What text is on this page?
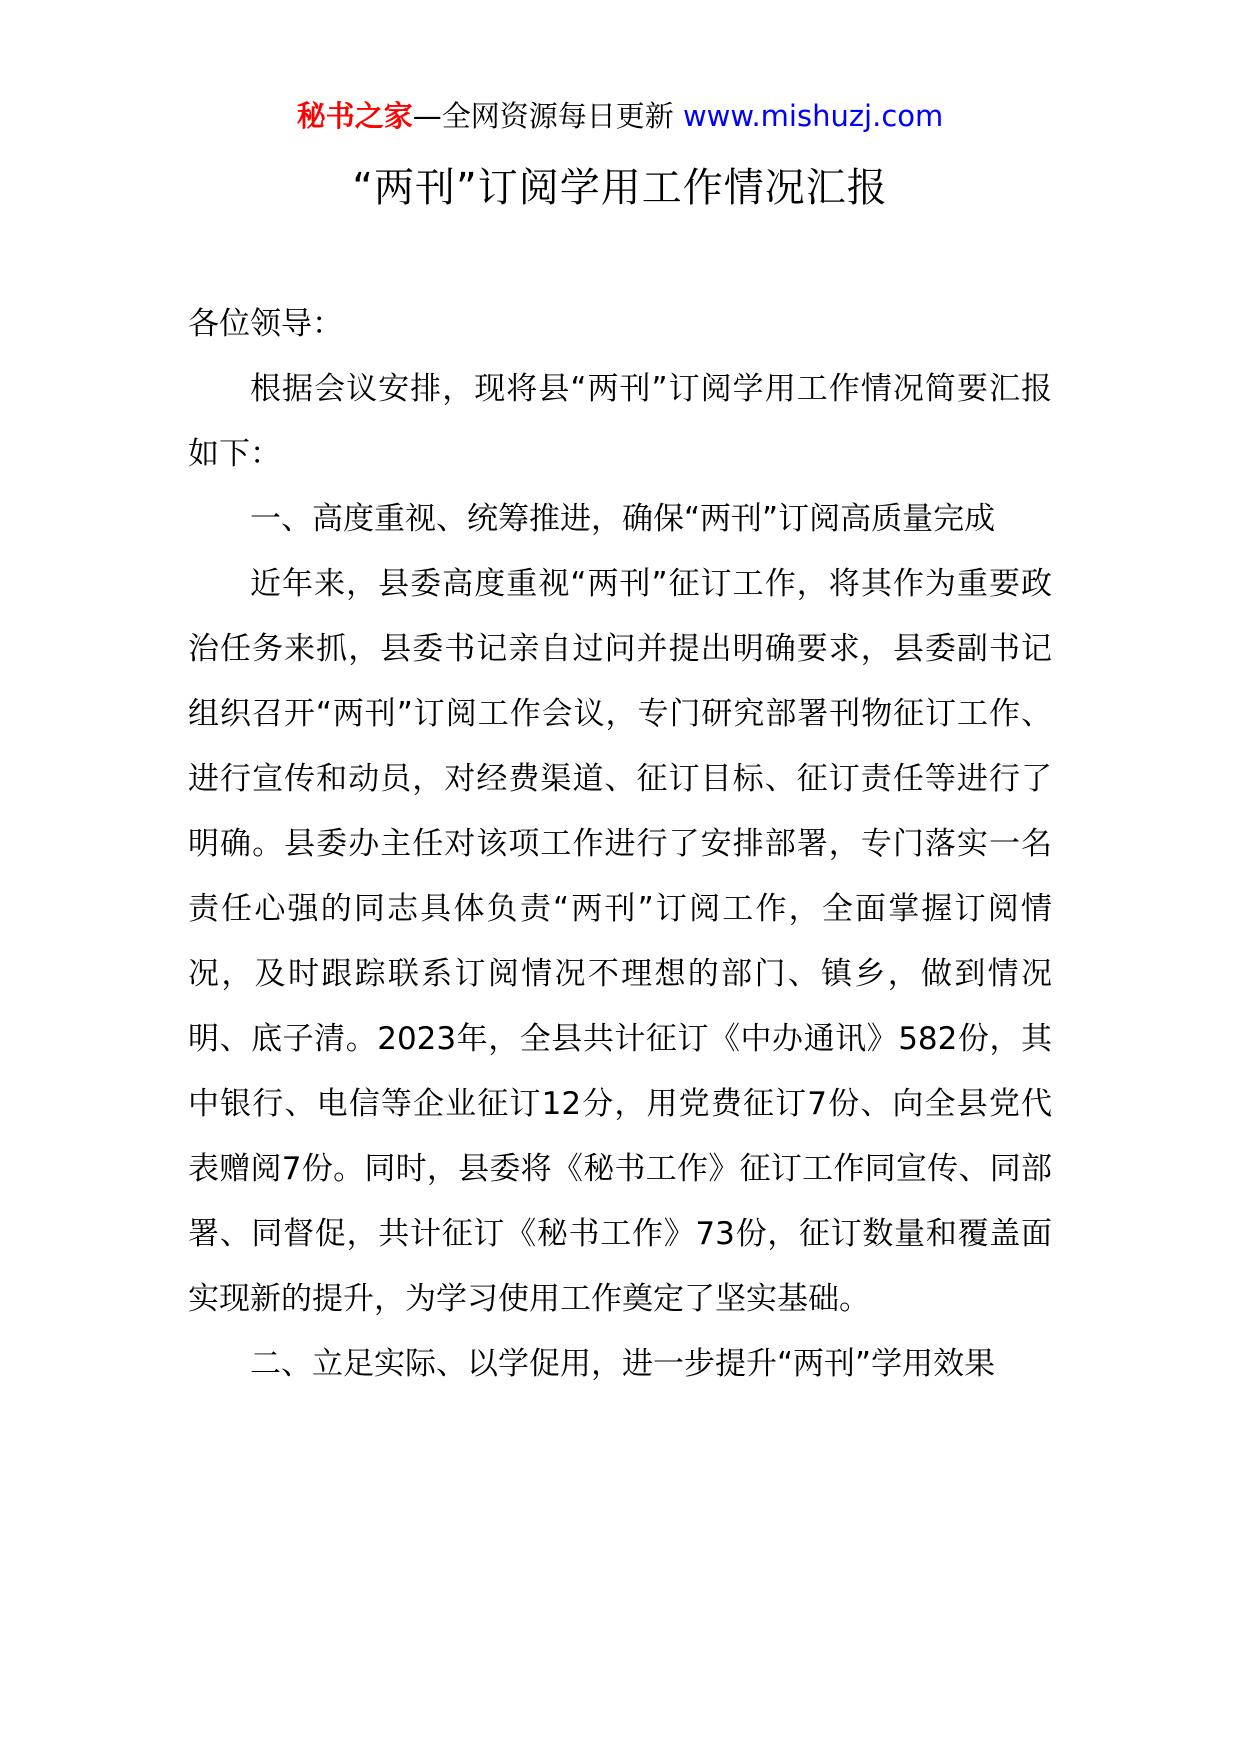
秘书之家—全网资源每日更新 www.mishuzj.com
“两刊”订阅学用工作情况汇报

各位领导：

根据会议安排，现将县“两刊”订阅学用工作情况简要汇报如下：

一、高度重视、统筹推进，确保“两刊”订阅高质量完成

近年来，县委高度重视“两刊”征订工作，将其作为重要政治任务来抓，县委书记亲自过问并提出明确要求，县委副书记组织召开“两刊”订阅工作会议，专门研究部署刊物征订工作、进行宣传和动员，对经费渠道、征订目标、征订责任等进行了明确。县委办主任对该项工作进行了安排部署，专门落实一名责任心强的同志具体负责“两刊”订阅工作，全面掌握订阅情况，及时跟踪联系订阅情况不理想的部门、镇乡，做到情况明、底子清。2023年，全县共计征订《中办通讯》582份，其中银行、电信等企业征订12分，用党费征订7份、向全县党代表赠阅7份。同时，县委将《秘书工作》征订工作同宣传、同部署、同督促，共计征订《秘书工作》73份，征订数量和覆盖面实现新的提升，为学习使用工作奠定了坚实基础。

二、立足实际、以学促用，进一步提升“两刊”学用效果
